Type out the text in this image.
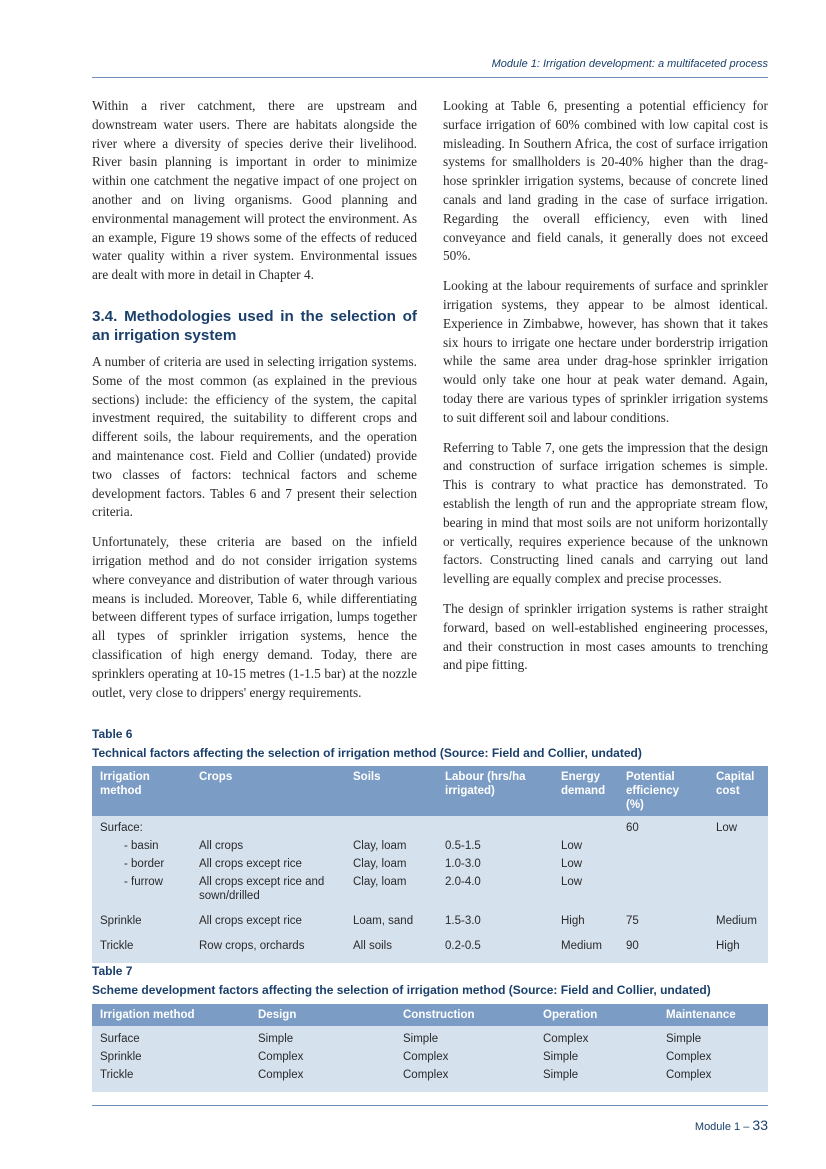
Module 1: Irrigation development: a multifaceted process

Within a river catchment, there are upstream and downstream water users. There are habitats alongside the river where a diversity of species derive their livelihood. River basin planning is important in order to minimize within one catchment the negative impact of one project on another and on living organisms. Good planning and environmental management will protect the environment. As an example, Figure 19 shows some of the effects of reduced water quality within a river system. Environmental issues are dealt with more in detail in Chapter 4.

3.4. Methodologies used in the selection of an irrigation system

A number of criteria are used in selecting irrigation systems. Some of the most common (as explained in the previous sections) include: the efficiency of the system, the capital investment required, the suitability to different crops and different soils, the labour requirements, and the operation and maintenance cost. Field and Collier (undated) provide two classes of factors: technical factors and scheme development factors. Tables 6 and 7 present their selection criteria.

Unfortunately, these criteria are based on the infield irrigation method and do not consider irrigation systems where conveyance and distribution of water through various means is included. Moreover, Table 6, while differentiating between different types of surface irrigation, lumps together all types of sprinkler irrigation systems, hence the classification of high energy demand. Today, there are sprinklers operating at 10-15 metres (1-1.5 bar) at the nozzle outlet, very close to drippers' energy requirements.

Looking at Table 6, presenting a potential efficiency for surface irrigation of 60% combined with low capital cost is misleading. In Southern Africa, the cost of surface irrigation systems for smallholders is 20-40% higher than the drag-hose sprinkler irrigation systems, because of concrete lined canals and land grading in the case of surface irrigation. Regarding the overall efficiency, even with lined conveyance and field canals, it generally does not exceed 50%.

Looking at the labour requirements of surface and sprinkler irrigation systems, they appear to be almost identical. Experience in Zimbabwe, however, has shown that it takes six hours to irrigate one hectare under borderstrip irrigation while the same area under drag-hose sprinkler irrigation would only take one hour at peak water demand. Again, today there are various types of sprinkler irrigation systems to suit different soil and labour conditions.

Referring to Table 7, one gets the impression that the design and construction of surface irrigation schemes is simple. This is contrary to what practice has demonstrated. To establish the length of run and the appropriate stream flow, bearing in mind that most soils are not uniform horizontally or vertically, requires experience because of the unknown factors. Constructing lined canals and carrying out land levelling are equally complex and precise processes.

The design of sprinkler irrigation systems is rather straight forward, based on well-established engineering processes, and their construction in most cases amounts to trenching and pipe fitting.

Table 6
Technical factors affecting the selection of irrigation method (Source: Field and Collier, undated)
Irrigation method	Crops	Soils	Labour (hrs/ha irrigated)	Energy demand	Potential efficiency (%)	Capital cost
Surface:					60	Low
- basin	All crops	Clay, loam	0.5-1.5	Low		
- border	All crops except rice	Clay, loam	1.0-3.0	Low		
- furrow	All crops except rice and sown/drilled	Clay, loam	2.0-4.0	Low		
Sprinkle	All crops except rice	Loam, sand	1.5-3.0	High	75	Medium
Trickle	Row crops, orchards	All soils	0.2-0.5	Medium	90	High
Table 7
Scheme development factors affecting the selection of irrigation method (Source: Field and Collier, undated)
Irrigation method	Design	Construction	Operation	Maintenance
Surface	Simple	Simple	Complex	Simple
Sprinkle	Complex	Complex	Simple	Complex
Trickle	Complex	Complex	Simple	Complex
Module 1 – 33
